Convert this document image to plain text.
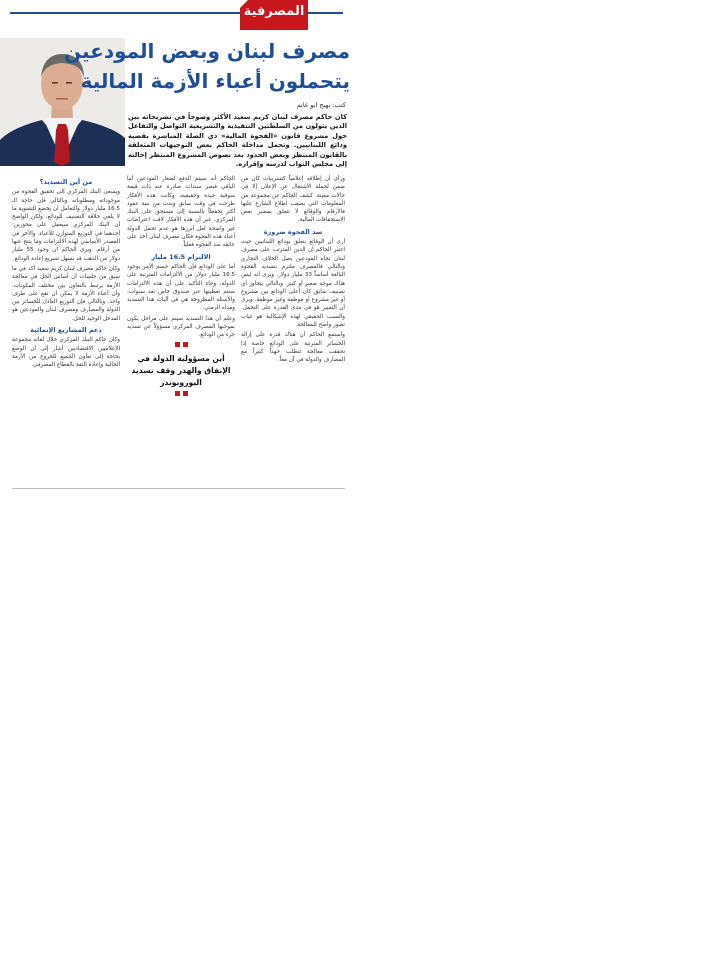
المصرفية
مصرف لبنان وبعض المودعين
يتحملون أعباء الأزمة المالية
كتب: بهيج ابو غانم
كان حاكم مصرف لبنان كريم سعيد الأكثر وضوحاً في تصريحاته بين الذين يتولون من السلطتين التنفيذية والتشريعية التواصل والتفاعل حول مشروع قانون «الفجوة المالية» ذي الصلة المباشرة بقضية ودائع اللبنانيين. وتحمل مداخلة الحاكم بعض التوجيهات المتعلقة بالقانون المنتظر وبعض الحدود بعد نصوص المشروع المنتظر إحالته إلى مجلس النواب لدرسه وإقراره.

ورأى أن إطلاقه إعلامياً كتسريبات كان من ضمن لحملة الاشتغال عن الإعلان إلا في حالات معينة. كشف الحاكم عن مجموعة من المعلومات التي يصعب اطلاع الشارع عليها فالأرقام والوقائع لا تتعلق بمصير بعض الاستحقاقات المالية.

سد الفجوة ضرورة

أرى أن الوقائع يتعلق بودائع اللبنانيين حيث اعتبر الحاكم أن الدين المترتب على مصرف لبنان تجاه المودعين يصل الخلاف التجاري وبالتالي فالمصرف ملتزم بتسديد الفجوة البالغة أساساً 33 مليار دولار. ويرى أنه ليس هناك موجه صغير أو كبير. وبالتالي يتجاوز أي تصنيف سابق كان أعلى الودائع بين مشروع أو غير مشروع أو موظفة وغير موظفة. ويرى أن التمييز هو في مدى القدرة على التحمل. والسبب الحقيقي لهذه الإشكالية هو غياب تصور واضح للمعالجة.

واستمع الحاكم أن هناك قدرة على إزالة الخسائر المترتبة على الودائع خاصة إذا تحققت معالجة تتطلب جهداً كبيراً مع المصارف والدولة في آن معاً.

الحاكم أنه سيتم الدفع لصغار المودعين أما الباقي فيعبر سندات صادرة عنه ذات قيمة سوقية جيدة وحقيقية، وكانت هذه الأفكار طرحت في وقت سابق وبدت من بنية عقود أكثر تحفظاً بالنسبة إلى مستحق على البنك المركزي. غير أن هذه الأفكار لاقت اعتراضات غير واضحة لعل أبرزها هو عدم تحمل الدولة أعباء هذه الفجوة فكان مصرف لبنان أخذ على عاتقه سد الفجوة فعلياً.

الالتزام 16.5 مليار

أما على الودائع فإن الحاكم حسم الأمر بوجود 16.5 مليار دولار من الالتزامات المترتبة على الدولة، وجاء التأكيد على أن هذه الالتزامات ستتم تغطيتها عبر صندوق خاص بعد سنوات، والأسئلة المطروحة هي في آليات هذا التسديد ومداه الزمني.

وعلم أن هذا التسديد سيتم على مراحل يكون بموجبها المصرف المركزي مسؤولاً عن تسديد جزء من الودائع.

أين مسؤولية الدولة في الإنفاق والهدر وقف تسديد اليوروبوندز
من أين التسديد؟

ويسعى البنك المركزي إلى تحقيق الفجوة من موجوداته ومطلوباته وبالتالي فإن حاجة الـ 16.5 مليار دولار والتعامل أن يخضع للتسوية ما لا يلغي خلاقة التصنيف للودائع، ولكن الواضح أن البنك المركزي سيعمل على محورين: أحدهما في التوزيع المتوازن للأعباء. والآخر في المصدر الأساسي لهذه الالتزامات وما ينتج عنها من أرقام. ويرى الحاكم أن وجود 55 مليار دولار من الذهب قد يسهل تسريع إعادة الودائع.

وكان حاكم مصرف لبنان كريم سعيد أكد في ما سبق من جلسات أن أساس الحل في معالجة الأزمة يرتبط بالتعاون بين مختلف المكونات. وأن أعباء الأزمة لا يمكن أن تقع على طرف واحد. وبالتالي فإن التوزيع العادل للخسائر بين الدولة والمصارف ومصرف لبنان والمودعين هو المدخل الوحيد للحل.

دعم المشاريع الإنمائية

وكان حاكم البنك المركزي خلال لقائه مجموعة الإعلاميين الاقتصاديين أشار إلى أن الوضع بحاجة إلى تعاون الجميع للخروج من الأزمة الحالية وإعادة الثقة بالقطاع المصرفي.
